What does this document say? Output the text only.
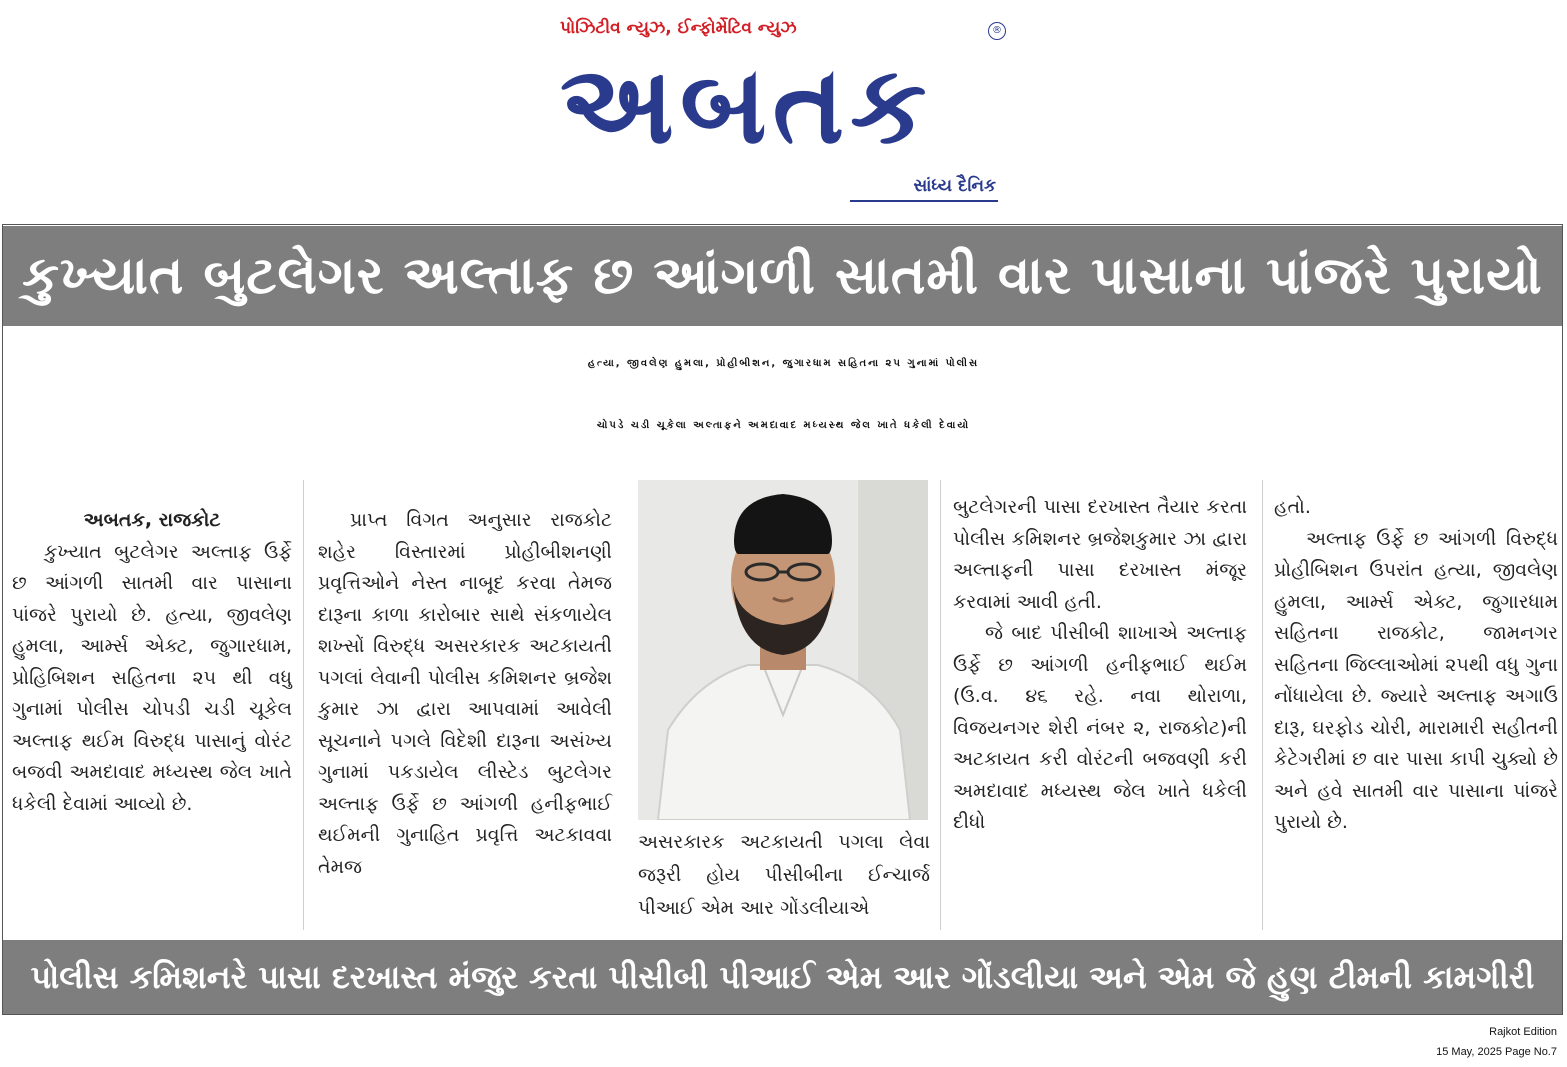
પોઝિટીવ ન્યુઝ, ઈન્ફોર્મેટિવ ન્યુઝ	®
અબતક
સાંધ્ય દૈનિક
કુખ્યાત બુટલેગર અલ્તાફ છ આંગળી સાતમી વાર પાસાના પાંજરે પુરાયો
હત્યા, જીવલેણ હુમલા, પ્રોહીબીશન, જુગારધામ સહિતના ૨૫ ગુનામાં પોલીસ
ચોપડે ચડી ચૂકેલા અલ્તાફને અમદાવાદ મધ્યસ્થ જેલ ખાતે ધકેલી દેવાયો

અબતક, રાજકોટ

કુખ્યાત બુટલેગર અલ્તાફ ઉર્ફે છ આંગળી સાતમી વાર પાસાના પાંજરે પુરાયો છે. હત્યા, જીવલેણ હુમલા, આર્મ્સ એક્ટ, જુગારધામ, પ્રોહિબિશન સહિતના ૨૫ થી વધુ ગુનામાં પોલીસ ચોપડી ચડી ચૂકેલ અલ્તાફ થઈમ વિરુદ્ધ પાસાનું વોરંટ બજવી અમદાવાદ મધ્યસ્થ જેલ ખાતે ધકેલી દેવામાં આવ્યો છે.

પ્રાપ્ત વિગત અનુસાર રાજકોટ શહેર વિસ્તારમાં પ્રોહીબીશનણી પ્રવૃત્તિઓને નેસ્ત નાબૂદ કરવા તેમજ દારૂના કાળા કારોબાર સાથે સંકળાયેલ શખ્સોં વિરુદ્ધ અસરકારક અટકાયતી પગલાં લેવાની પોલીસ કમિશનર બ્રજેશ કુમાર ઝા દ્વારા આપવામાં આવેલી સૂચનાને પગલે વિદેશી દારૂના અસંખ્ય ગુનામાં પકડાયેલ લીસ્ટેડ બુટલેગર અલ્તાફ ઉર્ફે છ આંગળી હનીફભાઈ થઈમની ગુનાહિત પ્રવૃત્તિ અટકાવવા તેમજ

અસરકારક અટકાયતી પગલા લેવા જરૂરી હોય પીસીબીના ઈન્ચાર્જ પીઆઈ એમ આર ગોંડલીયાએ

બુટલેગરની પાસા દરખાસ્ત તૈયાર કરતા પોલીસ કમિશનર બ્રજેશકુમાર ઝા દ્વારા અલ્તાફની પાસા દરખાસ્ત મંજૂર કરવામાં આવી હતી.

જે બાદ પીસીબી શાખાએ અલ્તાફ ઉર્ફે છ આંગળી હનીફભાઈ થઈમ (ઉ.વ. ૪૬ રહે. નવા થોરાળા, વિજયનગર શેરી નંબર ૨, રાજકોટ)ની અટકાયત કરી વોરંટની બજવણી કરી અમદાવાદ મધ્યસ્થ જેલ ખાતે ધકેલી દીધો

હતો.

અલ્તાફ ઉર્ફે છ આંગળી વિરુદ્ધ પ્રોહીબિશન ઉપરાંત હત્યા, જીવલેણ હુમલા, આર્મ્સ એક્ટ, જુગારધામ સહિતના રાજકોટ, જામનગર સહિતના જિલ્લાઓમાં ૨૫થી વધુ ગુના નોંધાયેલા છે. જ્યારે અલ્તાફ અગાઉ દારૂ, ઘરફોડ ચોરી, મારામારી સહીતની કેટેગરીમાં છ વાર પાસા કાપી ચુક્યો છે અને હવે સાતમી વાર પાસાના પાંજરે પુરાયો છે.

પોલીસ કમિશનરે પાસા દરખાસ્ત મંજુર કરતા પીસીબી પીઆઈ એમ આર ગોંડલીયા અને એમ જે હુણ ટીમની કામગીરી
Rajkot Edition
15 May, 2025 Page No.7
